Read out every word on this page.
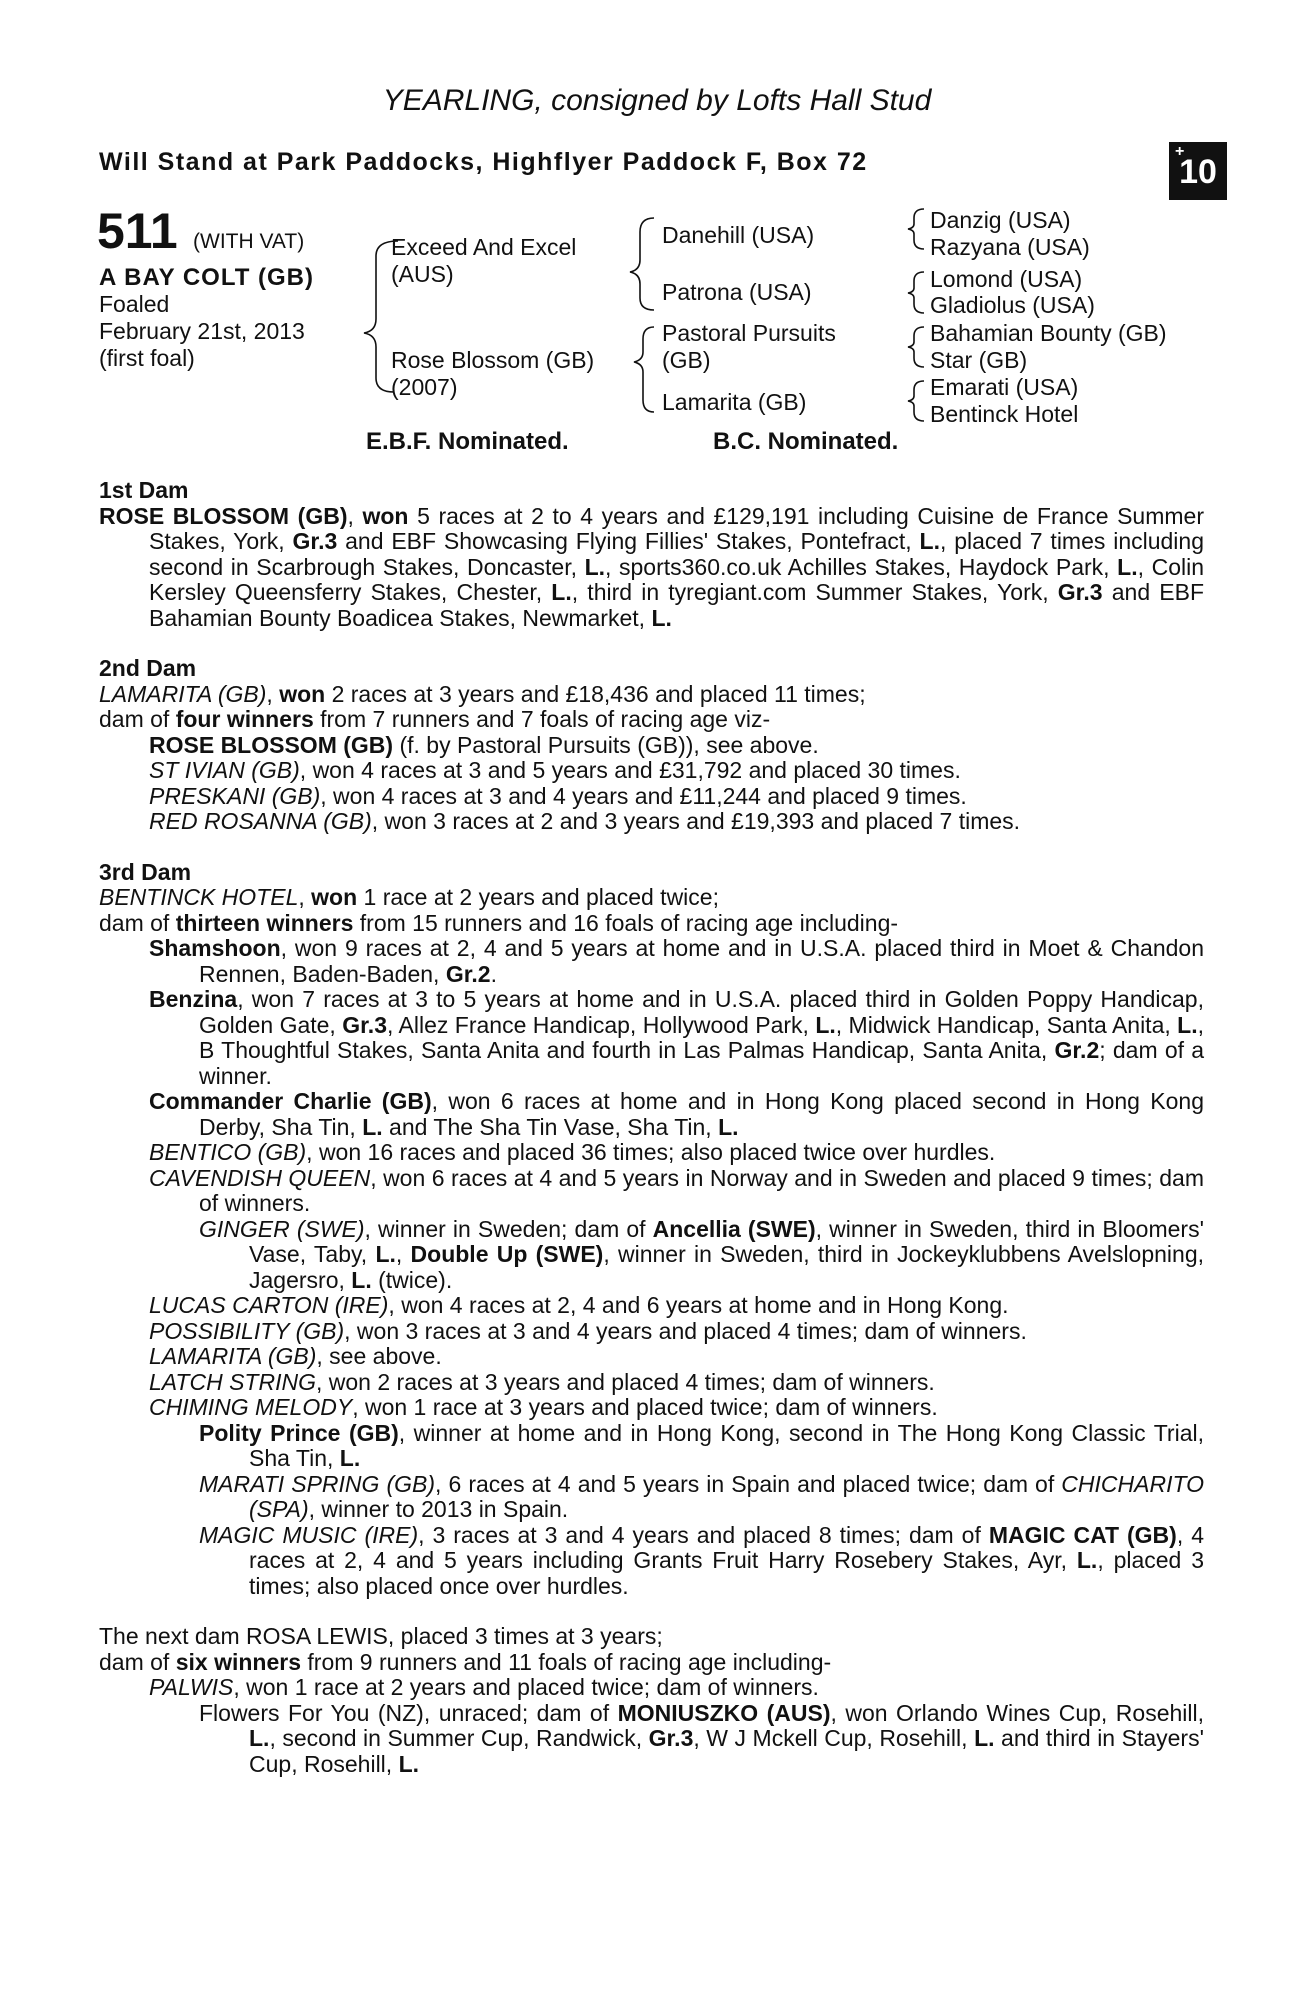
YEARLING, consigned by Lofts Hall Stud
Will Stand at Park Paddocks, Highflyer Paddock F, Box 72	+
10
511 (WITH VAT)
A BAY COLT (GB)
Foaled
February 21st, 2013
(first foal)
Exceed And Excel
(AUS)
Rose Blossom (GB)
(2007)
Danehill (USA)
Patrona (USA)
Pastoral Pursuits
(GB)
Lamarita (GB)
Danzig (USA)
Razyana (USA)
Lomond (USA)
Gladiolus (USA)
Bahamian Bounty (GB)
Star (GB)
Emarati (USA)
Bentinck Hotel
E.B.F. Nominated.	B.C. Nominated.

1st Dam

ROSE BLOSSOM (GB), won 5 races at 2 to 4 years and £129,191 including Cuisine de France Summer Stakes, York, Gr.3 and EBF Showcasing Flying Fillies' Stakes, Pontefract, L., placed 7 times including second in Scarbrough Stakes, Doncaster, L., sports360.co.uk Achilles Stakes, Haydock Park, L., Colin Kersley Queensferry Stakes, Chester, L., third in tyregiant.com Summer Stakes, York, Gr.3 and EBF Bahamian Bounty Boadicea Stakes, Newmarket, L.

2nd Dam

LAMARITA (GB), won 2 races at 3 years and £18,436 and placed 11 times;

dam of four winners from 7 runners and 7 foals of racing age viz-

ROSE BLOSSOM (GB) (f. by Pastoral Pursuits (GB)), see above.

ST IVIAN (GB), won 4 races at 3 and 5 years and £31,792 and placed 30 times.

PRESKANI (GB), won 4 races at 3 and 4 years and £11,244 and placed 9 times.

RED ROSANNA (GB), won 3 races at 2 and 3 years and £19,393 and placed 7 times.

3rd Dam

BENTINCK HOTEL, won 1 race at 2 years and placed twice;

dam of thirteen winners from 15 runners and 16 foals of racing age including-

Shamshoon, won 9 races at 2, 4 and 5 years at home and in U.S.A. placed third in Moet & Chandon Rennen, Baden-Baden, Gr.2.

Benzina, won 7 races at 3 to 5 years at home and in U.S.A. placed third in Golden Poppy Handicap, Golden Gate, Gr.3, Allez France Handicap, Hollywood Park, L., Midwick Handicap, Santa Anita, L., B Thoughtful Stakes, Santa Anita and fourth in Las Palmas Handicap, Santa Anita, Gr.2; dam of a winner.

Commander Charlie (GB), won 6 races at home and in Hong Kong placed second in Hong Kong Derby, Sha Tin, L. and The Sha Tin Vase, Sha Tin, L.

BENTICO (GB), won 16 races and placed 36 times; also placed twice over hurdles.

CAVENDISH QUEEN, won 6 races at 4 and 5 years in Norway and in Sweden and placed 9 times; dam of winners.

GINGER (SWE), winner in Sweden; dam of Ancellia (SWE), winner in Sweden, third in Bloomers' Vase, Taby, L., Double Up (SWE), winner in Sweden, third in Jockeyklubbens Avelslopning, Jagersro, L. (twice).

LUCAS CARTON (IRE), won 4 races at 2, 4 and 6 years at home and in Hong Kong.

POSSIBILITY (GB), won 3 races at 3 and 4 years and placed 4 times; dam of winners.

LAMARITA (GB), see above.

LATCH STRING, won 2 races at 3 years and placed 4 times; dam of winners.

CHIMING MELODY, won 1 race at 3 years and placed twice; dam of winners.

Polity Prince (GB), winner at home and in Hong Kong, second in The Hong Kong Classic Trial, Sha Tin, L.

MARATI SPRING (GB), 6 races at 4 and 5 years in Spain and placed twice; dam of CHICHARITO (SPA), winner to 2013 in Spain.

MAGIC MUSIC (IRE), 3 races at 3 and 4 years and placed 8 times; dam of MAGIC CAT (GB), 4 races at 2, 4 and 5 years including Grants Fruit Harry Rosebery Stakes, Ayr, L., placed 3 times; also placed once over hurdles.

The next dam ROSA LEWIS, placed 3 times at 3 years;

dam of six winners from 9 runners and 11 foals of racing age including-

PALWIS, won 1 race at 2 years and placed twice; dam of winners.

Flowers For You (NZ), unraced; dam of MONIUSZKO (AUS), won Orlando Wines Cup, Rosehill, L., second in Summer Cup, Randwick, Gr.3, W J Mckell Cup, Rosehill, L. and third in Stayers' Cup, Rosehill, L.
